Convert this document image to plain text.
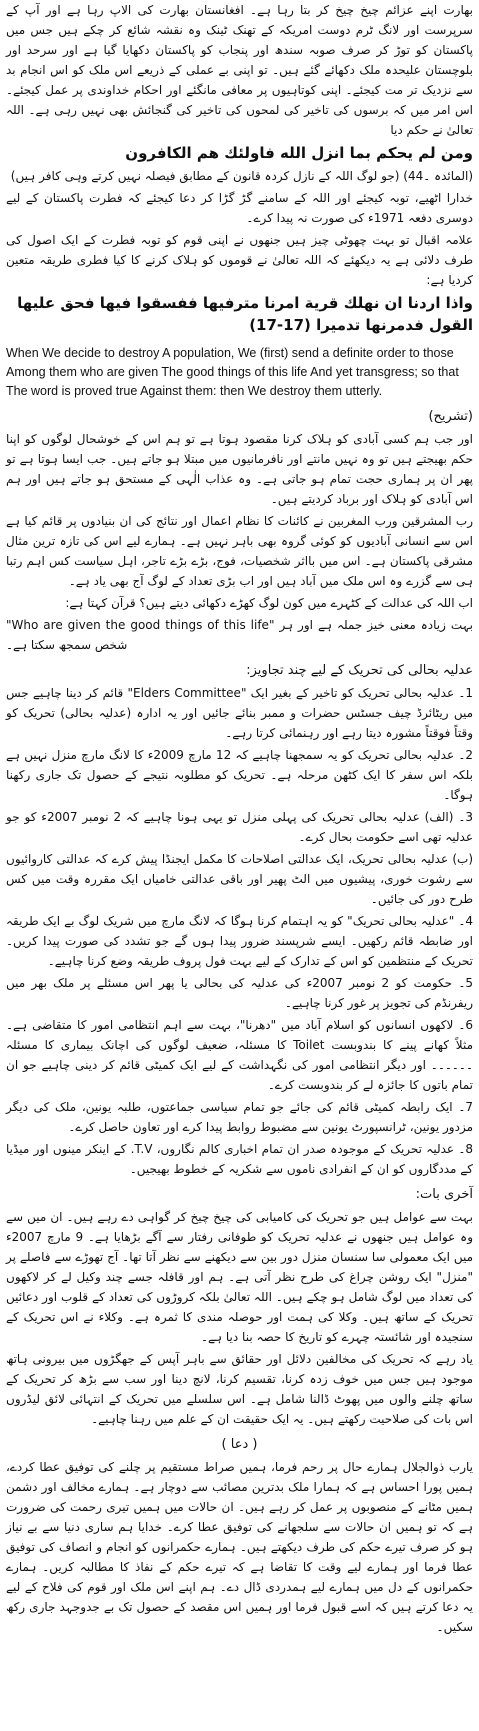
بھارت اپنے عزائم چیخ چیخ کر بتا رہا ہے۔ افغانستان بھارت کی الاپ رہا ہے اور آپ کے سرپرست اور لانگ ٹرم دوست امریکہ کے تھنک ٹینک وہ نقشہ شائع کر چکے ہیں جس میں پاکستان کو توڑ کر صرف صوبہ سندھ اور پنجاب کو پاکستان دکھایا گیا ہے اور سرحد اور بلوچستان علیحدہ ملک دکھائے گئے ہیں۔ تو اپنی بے عملی کے ذریعے اس ملک کو اس انجام بد سے نزدیک تر مت کیجئے۔ اپنی کوتاہیوں پر معافی مانگئے اور احکام خداوندی پر عمل کیجئے۔ اس امر میں کہ برسوں کی تاخیر کی لمحوں کی تاخیر کی گنجائش بھی نہیں رہی ہے۔ اللہ تعالیٰ نے حکم دیا

ومن لم يحكم بما انزل الله فاولئك هم الكافرون

(المائدہ ۔44) (جو لوگ اللہ کے نازل کردہ قانون کے مطابق فیصلہ نہیں کرتے وہی کافر ہیں)

خدارا اٹھیے، توبہ کیجئے اور اللہ کے سامنے گڑ گڑا کر دعا کیجئے کہ فطرت پاکستان کے لیے دوسری دفعہ 1971ء کی صورت نہ پیدا کرے۔

علامہ اقبال تو بہت چھوٹی چیز ہیں جنھوں نے اپنی قوم کو توبہ فطرت کے ایک اصول کی طرف دلائی ہے یہ دیکھئے کہ اللہ تعالیٰ نے قوموں کو ہلاک کرنے کا کیا فطری طریقہ متعین کردیا ہے:

واذا اردنا ان نهلك قرية امرنا مترفيها ففسقوا فيها فحق عليها القول فدمرنها تدميرا (17-17)

When We decide to destroy A population, We (first) send a definite order to those Among them who are given The good things of this life And yet transgress; so that The word is proved true Against them: then We destroy them utterly.

(تشریح)

اور جب ہم کسی آبادی کو ہلاک کرنا مقصود ہوتا ہے تو ہم اس کے خوشحال لوگوں کو اپنا حکم بھیجتے ہیں تو وہ نہیں مانتے اور نافرمانیوں میں مبتلا ہو جاتے ہیں۔ جب ایسا ہوتا ہے تو پھر ان پر ہماری حجت تمام ہو جاتی ہے۔ وہ عذاب الٰہی کے مستحق ہو جاتے ہیں اور ہم اس آبادی کو ہلاک اور برباد کردیتے ہیں۔

رب المشرقین ورب المغربین نے کائنات کا نظام اعمال اور نتائج کی ان بنیادوں پر قائم کیا ہے اس سے انسانی آبادیوں کو کوئی گروہ بھی باہر نہیں ہے۔ ہمارے لیے اس کی تازہ ترین مثال مشرقی پاکستان ہے۔ اس میں بااثر شخصیات، فوج، بڑے بڑے تاجر، اہل سیاست کس اہم رتبا ہی سے گزرے وہ اس ملک میں آباد ہیں اور اب بڑی تعداد کے لوگ آج بھی یاد ہے۔

اب اللہ کی عدالت کے کٹہرے میں کون لوگ کھڑے دکھائی دیتے ہیں؟ قرآن کہتا ہے:

"Who are given the good things of this life" بہت زیادہ معنی خیز جملہ ہے اور ہر شخص سمجھ سکتا ہے۔

عدلیہ بحالی کی تحریک کے لیے چند تجاویز:

1۔ عدلیہ بحالی تحریک کو تاخیر کے بغیر ایک "Elders Committee" قائم کر دینا چاہیے جس میں ریٹائرڈ چیف جسٹس حضرات و ممبر بنائے جائیں اور یہ ادارہ (عدلیہ بحالی) تحریک کو وقتاً فوقتاً مشورہ دیتا رہے اور رہنمائی کرتا رہے۔

2۔ عدلیہ بحالی تحریک کو یہ سمجھنا چاہیے کہ 12 مارچ 2009ء کا لانگ مارچ منزل نہیں ہے بلکہ اس سفر کا ایک کٹھن مرحلہ ہے۔ تحریک کو مطلوبہ نتیجے کے حصول تک جاری رکھنا ہوگا۔

3۔ (الف) عدلیہ بحالی تحریک کی پہلی منزل تو یہی ہونا چاہیے کہ 2 نومبر 2007ء کو جو عدلیہ تھی اسے حکومت بحال کرے۔

(ب) عدلیہ بحالی تحریک، ایک عدالتی اصلاحات کا مکمل ایجنڈا پیش کرے کہ عدالتی کاروائیوں سے رشوت خوری، پیشیوں میں الٹ پھیر اور باقی عدالتی خامیاں ایک مقررہ وقت میں کس طرح دور کی جائیں۔

4۔ "عدلیہ بحالی تحریک" کو یہ اہتمام کرنا ہوگا کہ لانگ مارچ میں شریک لوگ بے ایک طریقہ اور ضابطہ قائم رکھیں۔ ایسے شرپسند ضرور پیدا ہوں گے جو تشدد کی صورت پیدا کریں۔ تحریک کے منتظمین کو اس کے تدارک کے لیے بہت فول پروف طریقہ وضع کرنا چاہیے۔

5۔ حکومت کو 2 نومبر 2007ء کی عدلیہ کی بحالی یا پھر اس مسئلے پر ملک بھر میں ریفرنڈم کی تجویز پر غور کرنا چاہیے۔

6۔ لاکھوں انسانوں کو اسلام آباد میں "دھرنا"، بہت سے اہم انتظامی امور کا متقاضی ہے۔ مثلاً کھانے پینے کا بندوبست Toilet کا مسئلہ، ضعیف لوگوں کی اچانک بیماری کا مسئلہ ۔۔۔۔۔۔ اور دیگر انتظامی امور کی نگہداشت کے لیے ایک کمیٹی قائم کر دینی چاہیے جو ان تمام باتوں کا جائزہ لے کر بندوبست کرے۔

7۔ ایک رابطہ کمیٹی قائم کی جائے جو تمام سیاسی جماعتوں، طلبہ یونین، ملک کی دیگر مزدور یونین، ٹرانسپورٹ یونین سے مضبوط روابط پیدا کرے اور تعاون حاصل کرے۔

8۔ عدلیہ تحریک کے موجودہ صدر ان تمام اخباری کالم نگاروں، T.V. کے اینکر مینوں اور میڈیا کے مددگاروں کو ان کے انفرادی ناموں سے شکریہ کے خطوط بھیجیں۔

آخری بات:

بہت سے عوامل ہیں جو تحریک کی کامیابی کی چیخ چیخ کر گواہی دے رہے ہیں۔ ان میں سے وہ عوامل ہیں جنھوں نے عدلیہ تحریک کو طوفانی رفتار سے آگے بڑھایا ہے۔ 9 مارچ 2007ء میں ایک معمولی سا سنسان منزل دور بین سے دیکھنے سے نظر آتا تھا۔ آج تھوڑے سے فاصلے پر "منزل" ایک روشن چراغ کی طرح نظر آتی ہے۔ ہم اور قافلہ جسے چند وکیل لے کر لاکھوں کی تعداد میں لوگ شامل ہو چکے ہیں۔ اللہ تعالیٰ بلکہ کروڑوں کی تعداد کے قلوب اور دعائیں تحریک کے ساتھ ہیں۔ وکلا کی ہمت اور حوصلہ مندی کا ثمرہ ہے۔ وکلاء نے اس تحریک کے سنجیدہ اور شائستہ چہرے کو تاریخ کا حصہ بنا دیا ہے۔

یاد رہے کہ تحریک کی مخالفین دلائل اور حقائق سے باہر آپس کے جھگڑوں میں بیرونی ہاتھ موجود ہیں جس میں خوف زدہ کرنا، تقسیم کرنا، لانچ دینا اور سب سے بڑھ کر تحریک کے ساتھ چلنے والوں میں پھوٹ ڈالنا شامل ہے۔ اس سلسلے میں تحریک کے انتہائی لائق لیڈروں اس بات کی صلاحیت رکھتے ہیں۔ یہ ایک حقیقت ان کے علم میں رہنا چاہیے۔

( دعا )

یارب ذوالجلال ہمارے حال پر رحم فرما، ہمیں صراط مستقیم پر چلنے کی توفیق عطا کردے، ہمیں پورا احساس ہے کہ ہمارا ملک بدترین مصائب سے دوچار ہے۔ ہمارے مخالف اور دشمن ہمیں مٹانے کے منصوبوں پر عمل کر رہے ہیں۔ ان حالات میں ہمیں تیری رحمت کی ضرورت ہے کہ تو ہمیں ان حالات سے سلجھانے کی توفیق عطا کرے۔ خدایا ہم ساری دنیا سے بے نیاز ہو کر صرف تیرے حکم کی طرف دیکھتے ہیں۔ ہمارے حکمرانوں کو انجام و انصاف کی توفیق عطا فرما اور ہمارے لیے وقت کا تقاضا ہے کہ تیرے حکم کے نفاذ کا مطالبہ کریں۔ ہمارے حکمرانوں کے دل میں ہمارے لیے ہمدردی ڈال دے۔ ہم اپنے اس ملک اور قوم کی فلاح کے لیے یہ دعا کرتے ہیں کہ اسے قبول فرما اور ہمیں اس مقصد کے حصول تک بے جدوجہد جاری رکھ سکیں۔
